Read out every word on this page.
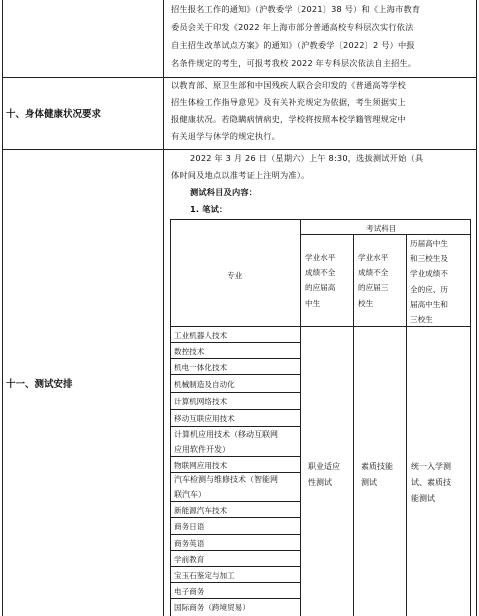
招生报名工作的通知》（沪教委学〔2021〕38 号）和《上海市教育
委员会关于印发《2022 年上海市部分普通高校专科层次实行依法
自主招生改革试点方案》的通知》（沪教委学〔2022〕2 号）中报
名条件规定的考生，可报考我校 2022 年专科层次依法自主招生。
十、身体健康状况要求
以教育部、原卫生部和中国残疾人联合会印发的《普通高等学校
招生体检工作指导意见》及有关补充规定为依据，考生须据实上
报健康状况。若隐瞒病情病史，学校将按照本校学籍管理规定中
有关退学与休学的规定执行。
十一、测试安排
2022 年 3 月 26 日（星期六）上午 8:30，选拔测试开始（具
体时间及地点以准考证上注明为准）。
测试科目及内容：
1. 笔试：
考试科目
专业
学业水平
成绩不全
的应届高
中生
学业水平
成绩不全
的应届三
校生
历届高中生
和三校生及
学业成绩不
全的应、历
届高中生和
三校生
工业机器人技术
数控技术
机电一体化技术
机械制造及自动化
计算机网络技术
移动互联应用技术
计算机应用技术（移动互联网
应用软件开发）
物联网应用技术
汽车检测与维修技术（智能网
联汽车）
新能源汽车技术
商务日语
商务英语
学前教育
宝玉石鉴定与加工
电子商务
国际商务（跨境贸易）
职业适应
性测试
素质技能
测试
统一入学测
试、素质技
能测试
